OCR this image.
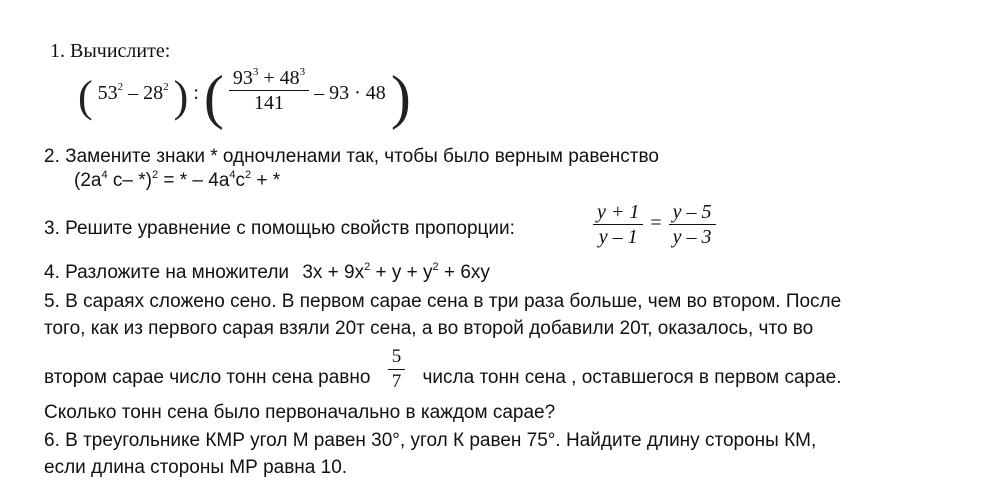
1. Вычислите:
( $53^2 - 28^2$ ) : ( $\frac{93^3 + 48^3}{141} - 93 \cdot 48$ )
2. Замените знаки * одночленами так, чтобы было верным равенство
($2a^4$ c– *)$^2$ = * – $4a^4c^2$ + *
3. Решите уравнение с помощью свойств пропорции:	$\frac{y + 1}{y - 1} = \frac{y - 5}{y - 3}$
4. Разложите на множители $3x + 9x^2 + y + y^2 + 6xy$
5. В сараях сложено сено. В первом сарае сена в три раза больше, чем во втором. После
того, как из первого сарая взяли 20т сена, а во второй добавили 20т, оказалось, что во
втором сарае число тонн сена равно $\frac{5}{7}$ числа тонн сена , оставшегося в первом сарае.
Сколько тонн сена было первоначально в каждом сарае?
6. В треугольнике КМР угол М равен 30°, угол К равен 75°. Найдите длину стороны КМ,
если длина стороны МР равна 10.
